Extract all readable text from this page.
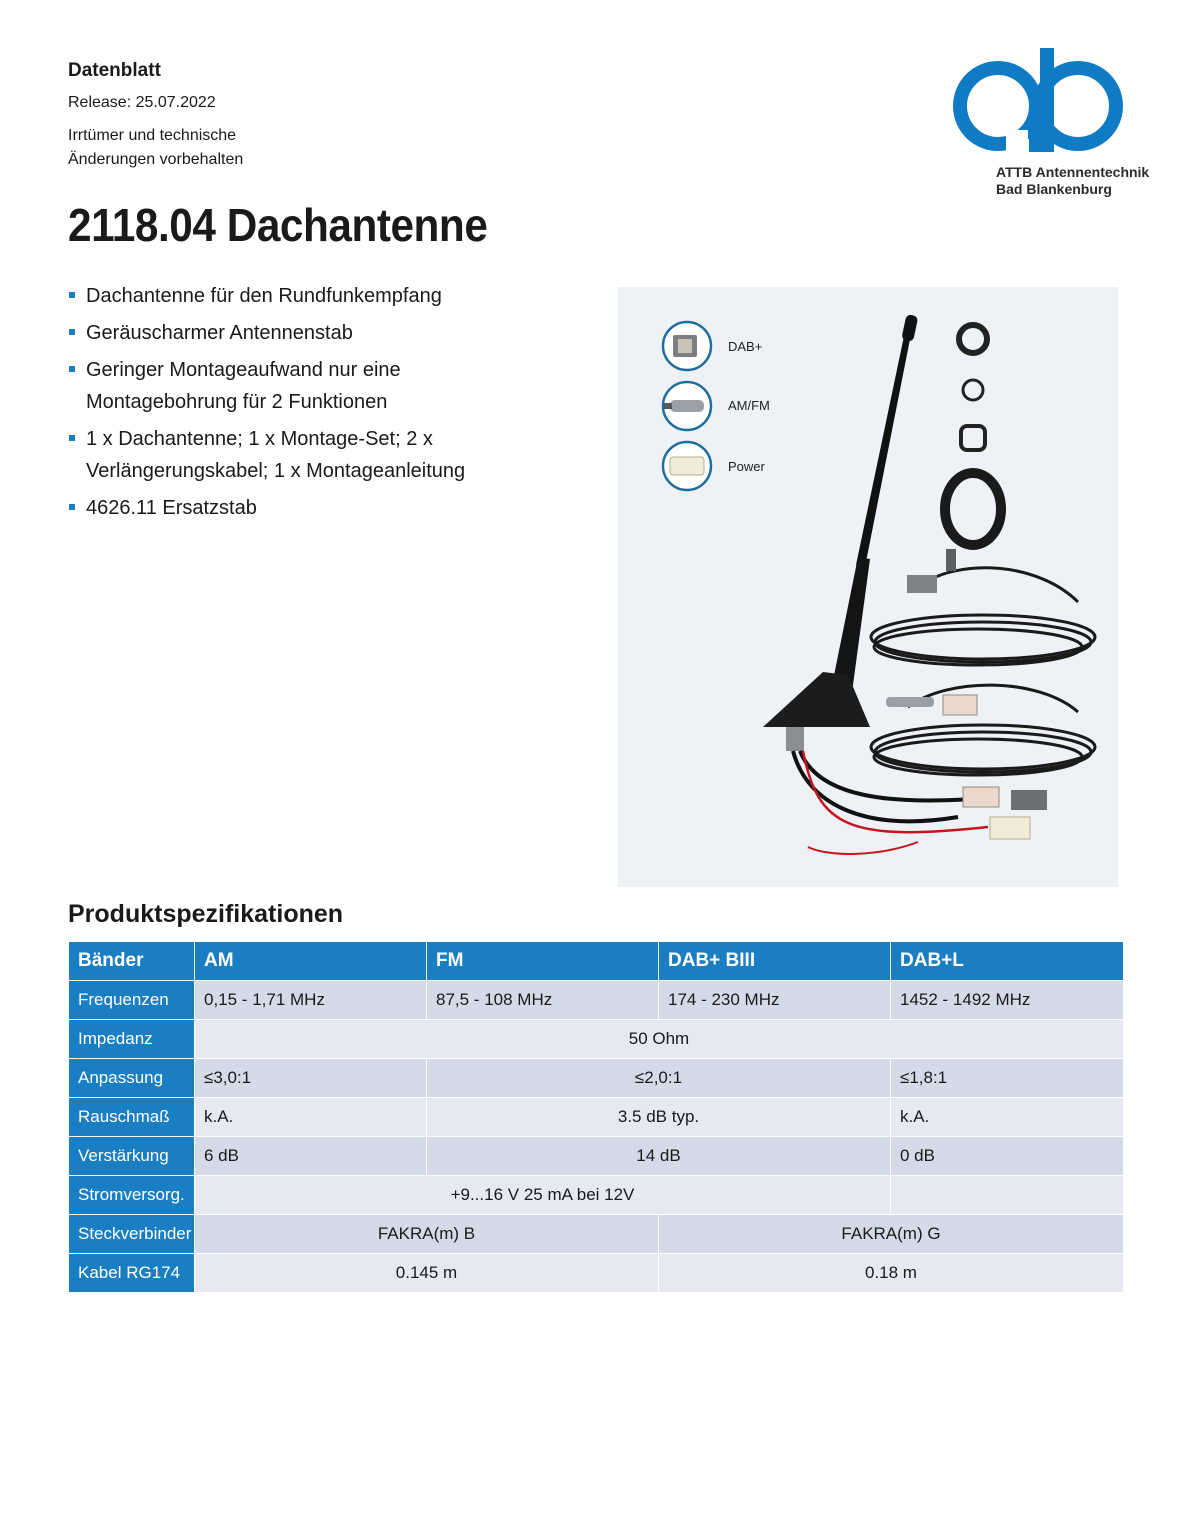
Datenblatt
Release: 25.07.2022
Irrtümer und technische Änderungen vorbehalten
ATTB Antennentechnik
Bad Blankenburg
2118.04 Dachantenne
Dachantenne für den Rundfunkempfang
Geräuscharmer Antennenstab
Geringer Montageaufwand nur eine Montagebohrung für 2 Funktionen
1 x Dachantenne; 1 x Montage-Set; 2 x Verlängerungskabel; 1 x Montageanleitung
4626.11 Ersatzstab
DAB+
AM/FM
Power
Produktspezifikationen
Bänder	AM	FM	DAB+ BIII	DAB+L
Frequenzen	0,15 - 1,71 MHz	87,5 - 108 MHz	174 - 230 MHz	1452 - 1492 MHz
Impedanz	50 Ohm			
Anpassung	≤3,0:1	≤2,0:1		≤1,8:1
Rauschmaß	k.A.	3.5 dB typ.		k.A.
Verstärkung	6 dB	14 dB		0 dB
Stromversorg.	+9...16 V 25 mA bei 12V			
Steckverbinder	FAKRA(m) B		FAKRA(m) G	
Kabel RG174	0.145 m		0.18 m	
